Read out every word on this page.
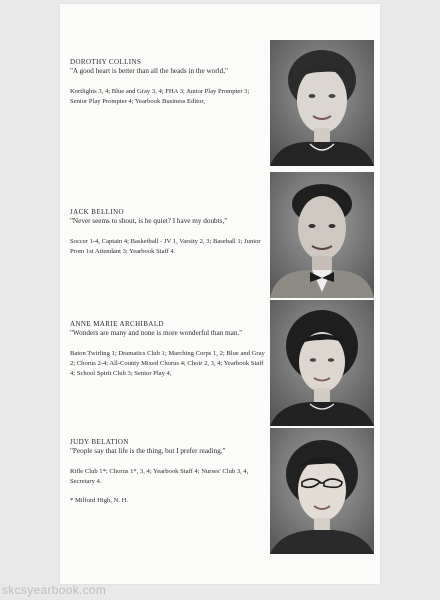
DOROTHY COLLINS

"A good heart is better than all the heads in the world,"

Kortlights 3, 4; Blue and Gray 3, 4; FHA 3; Junior Play Prompter 3; Senior Play Prompter 4; Yearbook Business Editor,

JACK BELLINO

"Never seems to shout, is he quiet? I have my doubts,"

Soccer 1-4, Captain 4; Basketball - JV 1, Varsity 2, 3; Baseball 1; Junior Prom 1st Attendant 3; Yearbook Staff 4.

ANNE MARIE ARCHIBALD

"Wonders are many and none is more wonderful than man."

Baton Twirling 1; Dramatics Club 1; Marching Corps 1, 2; Blue and Gray 2; Chorus 2-4; All-County Mixed Chorus 4; Choir 2, 3, 4; Yearbook Staff 4; School Spirit Club 3; Senior Play 4,

JUDY BELATION

"People say that life is the thing, but I prefer reading."

Rifle Club 1*; Chorus 1*, 3, 4; Yearbook Staff 4; Nurses' Club 3, 4, Secretary 4.

* Milford High, N. H.
skcsyearbook.com
